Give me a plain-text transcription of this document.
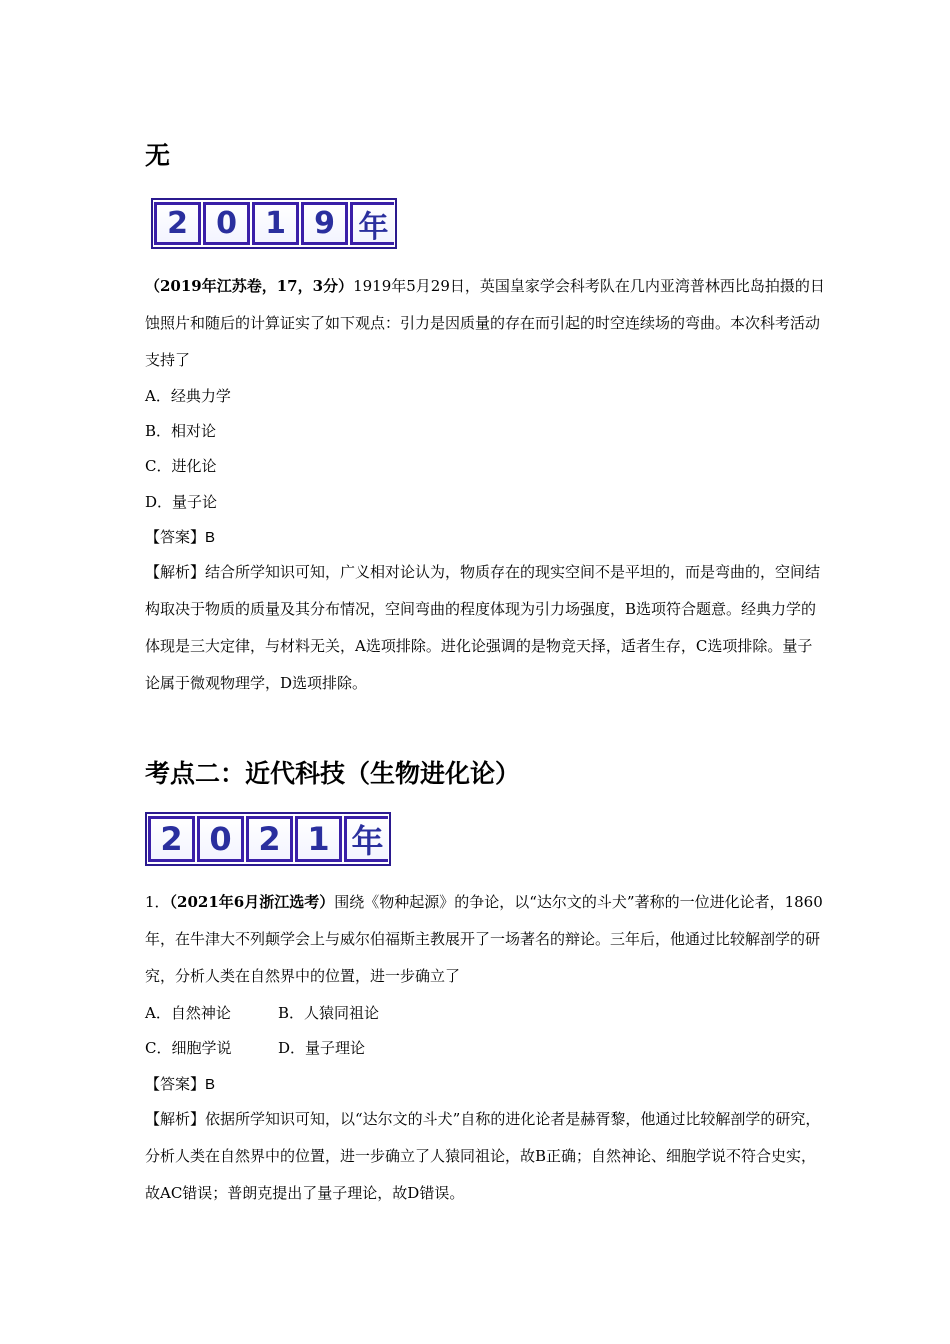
无
2 0 1 9 年
（2019年江苏卷，17，3分）1919年5月29日，英国皇家学会科考队在几内亚湾普林西比岛拍摄的日蚀照片和随后的计算证实了如下观点：引力是因质量的存在而引起的时空连续场的弯曲。本次科考活动支持了
A．经典力学
B．相对论
C．进化论
D．量子论
【答案】B
【解析】结合所学知识可知，广义相对论认为，物质存在的现实空间不是平坦的，而是弯曲的，空间结构取决于物质的质量及其分布情况，空间弯曲的程度体现为引力场强度，B选项符合题意。经典力学的体现是三大定律，与材料无关，A选项排除。进化论强调的是物竞天择，适者生存，C选项排除。量子论属于微观物理学，D选项排除。
考点二：近代科技（生物进化论）
2 0 2 1 年
1．（2021年6月浙江选考）围绕《物种起源》的争论，以“达尔文的斗犬”著称的一位进化论者，1860年，在牛津大不列颠学会上与威尔伯福斯主教展开了一场著名的辩论。三年后，他通过比较解剖学的研究，分析人类在自然界中的位置，进一步确立了
A．自然神论	B．人猿同祖论
C．细胞学说	D．量子理论
【答案】B
【解析】依据所学知识可知，以“达尔文的斗犬”自称的进化论者是赫胥黎，他通过比较解剖学的研究，分析人类在自然界中的位置，进一步确立了人猿同祖论，故B正确；自然神论、细胞学说不符合史实，故AC错误；普朗克提出了量子理论，故D错误。
